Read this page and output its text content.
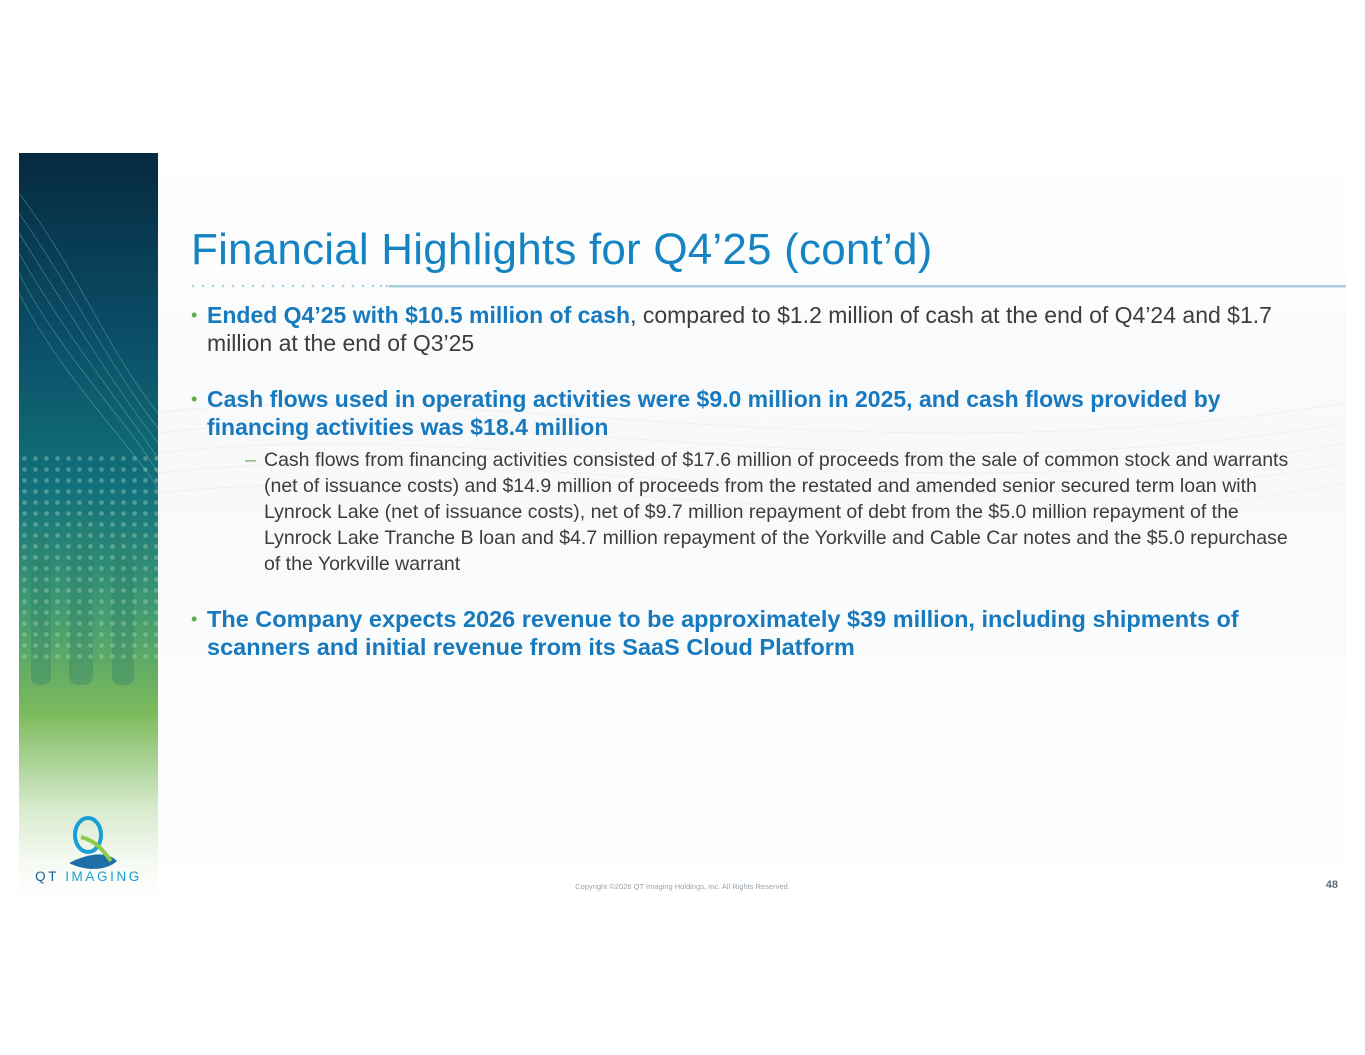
Financial Highlights for Q4’25 (cont’d)
• Ended Q4’25 with $10.5 million of cash, compared to $1.2 million of cash at the end of Q4’24 and $1.7 million at the end of Q3’25
• Cash flows used in operating activities were $9.0 million in 2025, and cash flows provided by financing activities was $18.4 million
– Cash flows from financing activities consisted of $17.6 million of proceeds from the sale of common stock and warrants (net of issuance costs) and $14.9 million of proceeds from the restated and amended senior secured term loan with Lynrock Lake (net of issuance costs), net of $9.7 million repayment of debt from the $5.0 million repayment of the Lynrock Lake Tranche B loan and $4.7 million repayment of the Yorkville and Cable Car notes and the $5.0 repurchase of the Yorkville warrant
• The Company expects 2026 revenue to be approximately $39 million, including shipments of scanners and initial revenue from its SaaS Cloud Platform
QT IMAGING
Copyright ©2026 QT Imaging Holdings, Inc. All Rights Reserved.	48
